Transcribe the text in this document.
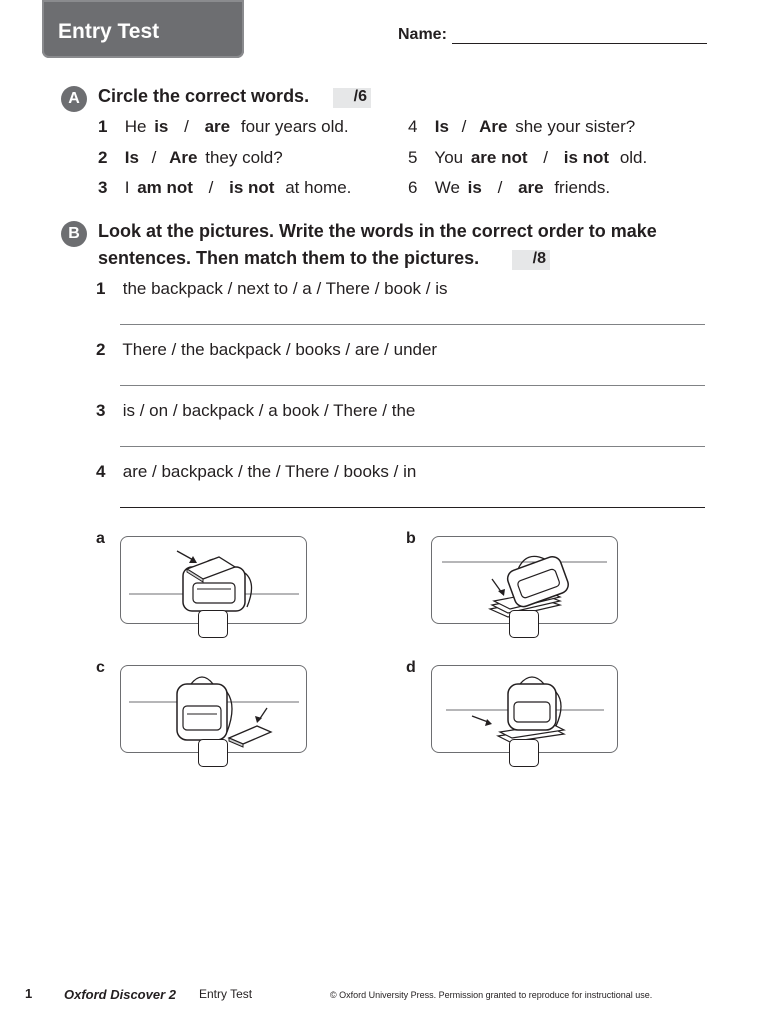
Entry Test	Name:
A	Circle the correct words.	/6
1 He is / are four years old.
2 Is / Are they cold?
3 I am not / is not at home.
4 Is / Are she your sister?
5 You are not / is not old.
6 We is / are friends.
B	Look at the pictures. Write the words in the correct order to make
sentences. Then match them to the pictures.	/8
1 the backpack / next to / a / There / book / is
2 There / the backpack / books / are / under
3 is / on / backpack / a book / There / the
4 are / backpack / the / There / books / in
a	b
c	d
1 Oxford Discover 2 Entry Test	© Oxford University Press. Permission granted to reproduce for instructional use.
